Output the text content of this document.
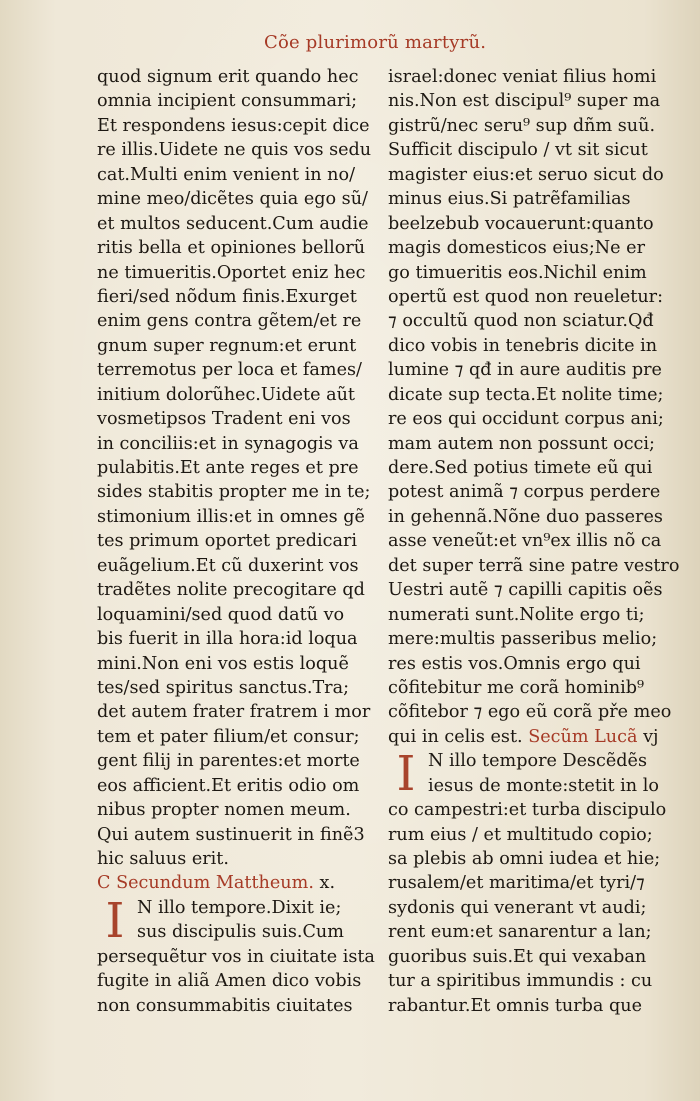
Cõe plurimorũ martyrũ.
quod signum erit quando hec
omnia incipient consummari;
Et respondens iesus:cepit dice
re illis.Uidete ne quis vos sedu
cat.Multi enim venient in no/
mine meo/dicẽtes quia ego sũ/
et multos seducent.Cum audie
ritis bella et opiniones bellorũ
ne timueritis.Oportet eniz hec
fieri/sed nõdum finis.Exurget
enim gens contra gẽtem/et re
gnum super regnum:et erunt
terremotus per loca et fames/
initium dolorũhec.Uidete aũt
vosmetipsos Tradent eni vos
in conciliis:et in synagogis va
pulabitis.Et ante reges et pre
sides stabitis propter me in te;
stimonium illis:et in omnes gẽ
tes primum oportet predicari
euãgelium.Et cũ duxerint vos
tradẽtes nolite precogitare qd
loquamini/sed quod datũ vo
bis fuerit in illa hora:id loqua
mini.Non eni vos estis loquẽ
tes/sed spiritus sanctus.Tra;
det autem frater fratrem i mor
tem et pater filium/et consur;
gent filij in parentes:et morte
eos afficient.Et eritis odio om
nibus propter nomen meum.
Qui autem sustinuerit in finẽ3
hic saluus erit.
C Secundum Mattheum. x.
I N illo tempore.Dixit ie;
sus discipulis suis.Cum
persequẽtur vos in ciuitate ista
fugite in aliã Amen dico vobis
non consummabitis ciuitates
israel:donec veniat filius homi
nis.Non est discipul⁹ super ma
gistrũ/nec seru⁹ sup dñm suũ.
Sufficit discipulo / vt sit sicut
magister eius:et seruo sicut do
minus eius.Si patrẽfamilias
beelzebub vocauerunt:quanto
magis domesticos eius;Ne er
go timueritis eos.Nichil enim
opertũ est quod non reueletur:
⁊ occultũ quod non sciatur.Qđ
dico vobis in tenebris dicite in
lumine ⁊ qđ in aure auditis pre
dicate sup tecta.Et nolite time;
re eos qui occidunt corpus ani;
mam autem non possunt occi;
dere.Sed potius timete eũ qui
potest animã ⁊ corpus perdere
in gehennã.Nõne duo passeres
asse veneũt:et vn⁹ex illis nõ ca
det super terrã sine patre vestro
Uestri autẽ ⁊ capilli capitis oẽs
numerati sunt.Nolite ergo ti;
mere:multis passeribus melio;
res estis vos.Omnis ergo qui
cõfitebitur me corã hominib⁹
cõfitebor ⁊ ego eũ corã pře meo
qui in celis est. Secũm Lucã vj
I N illo tempore Descẽdẽs
iesus de monte:stetit in lo
co campestri:et turba discipulo
rum eius / et multitudo copio;
sa plebis ab omni iudea et hie;
rusalem/et maritima/et tyri/⁊
sydonis qui venerant vt audi;
rent eum:et sanarentur a lan;
guoribus suis.Et qui vexaban
tur a spiritibus immundis : cu
rabantur.Et omnis turba que
